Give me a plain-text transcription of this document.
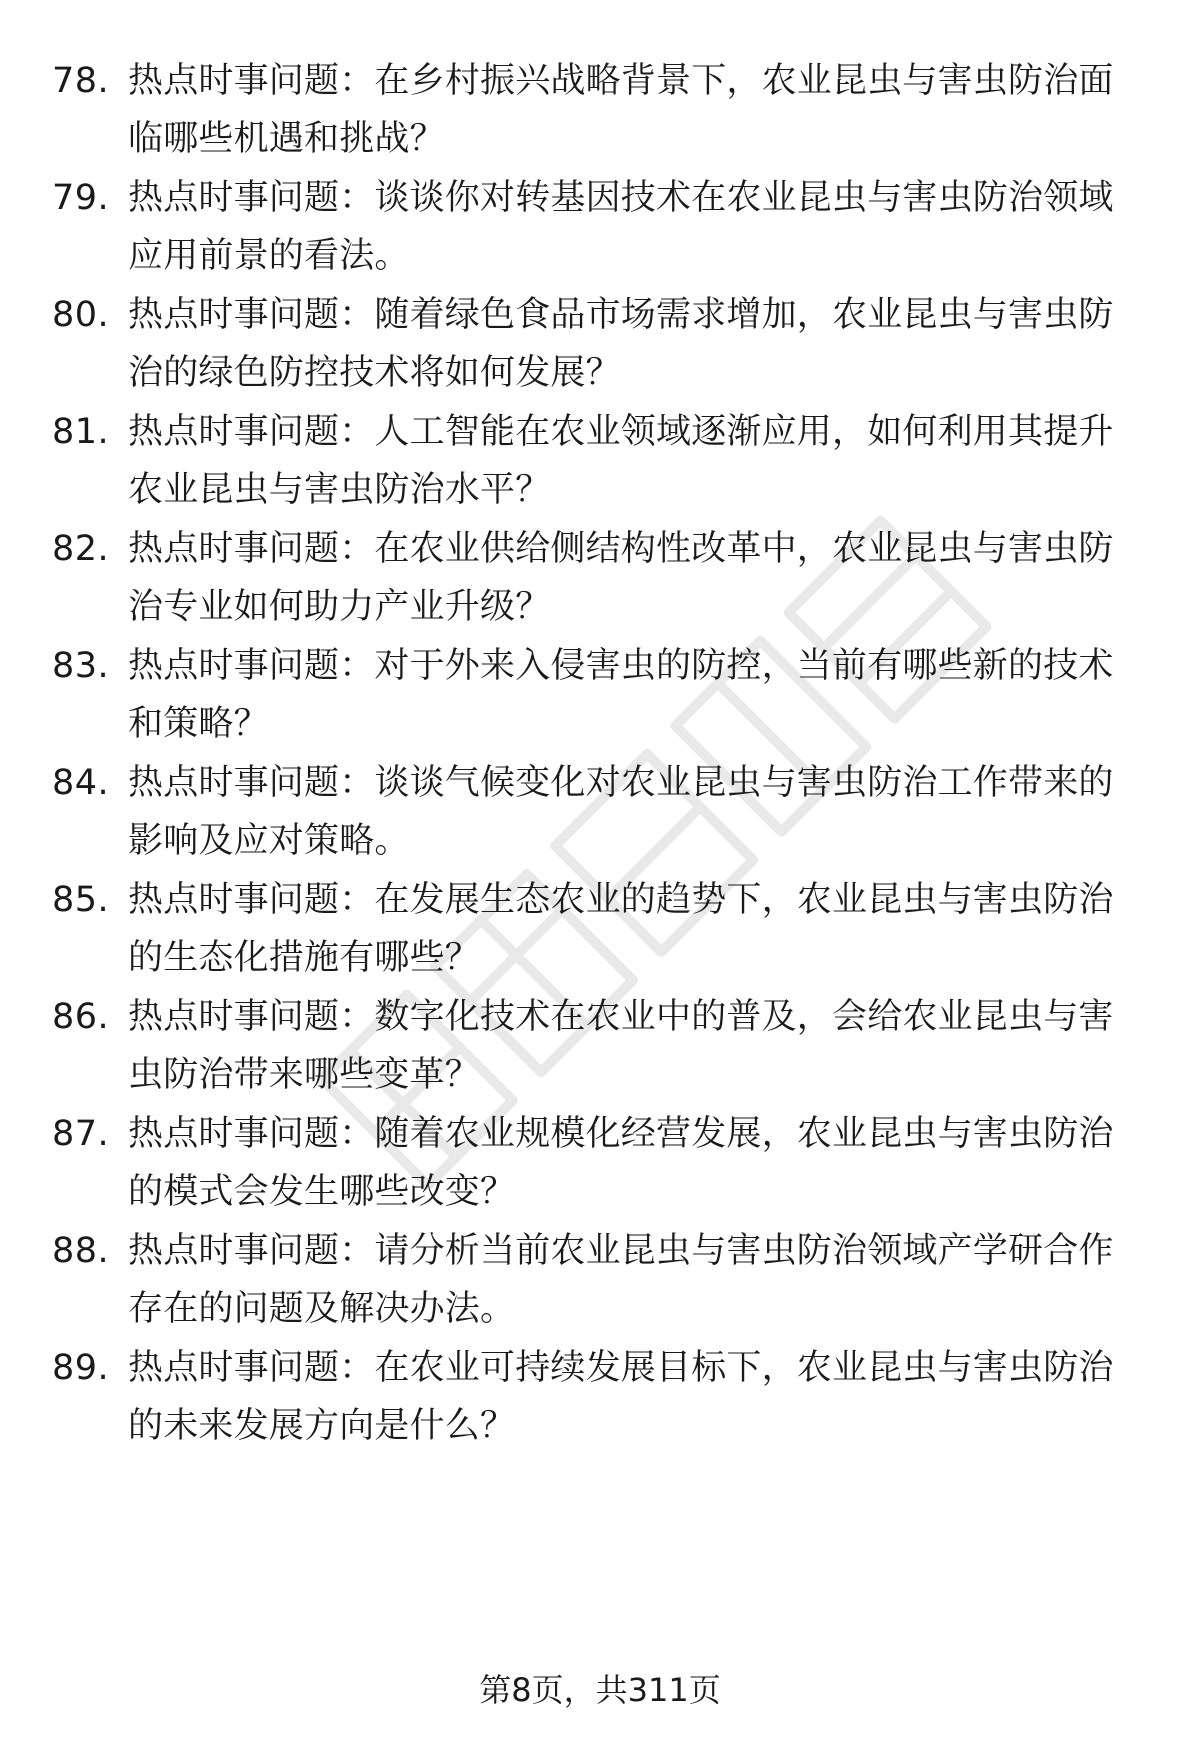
78. 热点时事问题：在乡村振兴战略背景下，农业昆虫与害虫防治面临哪些机遇和挑战？
79. 热点时事问题：谈谈你对转基因技术在农业昆虫与害虫防治领域应用前景的看法。
80. 热点时事问题：随着绿色食品市场需求增加，农业昆虫与害虫防治的绿色防控技术将如何发展？
81. 热点时事问题：人工智能在农业领域逐渐应用，如何利用其提升农业昆虫与害虫防治水平？
82. 热点时事问题：在农业供给侧结构性改革中，农业昆虫与害虫防治专业如何助力产业升级？
83. 热点时事问题：对于外来入侵害虫的防控，当前有哪些新的技术和策略？
84. 热点时事问题：谈谈气候变化对农业昆虫与害虫防治工作带来的影响及应对策略。
85. 热点时事问题：在发展生态农业的趋势下，农业昆虫与害虫防治的生态化措施有哪些？
86. 热点时事问题：数字化技术在农业中的普及，会给农业昆虫与害虫防治带来哪些变革？
87. 热点时事问题：随着农业规模化经营发展，农业昆虫与害虫防治的模式会发生哪些改变？
88. 热点时事问题：请分析当前农业昆虫与害虫防治领域产学研合作存在的问题及解决办法。
89. 热点时事问题：在农业可持续发展目标下，农业昆虫与害虫防治的未来发展方向是什么？
第8页，共311页
